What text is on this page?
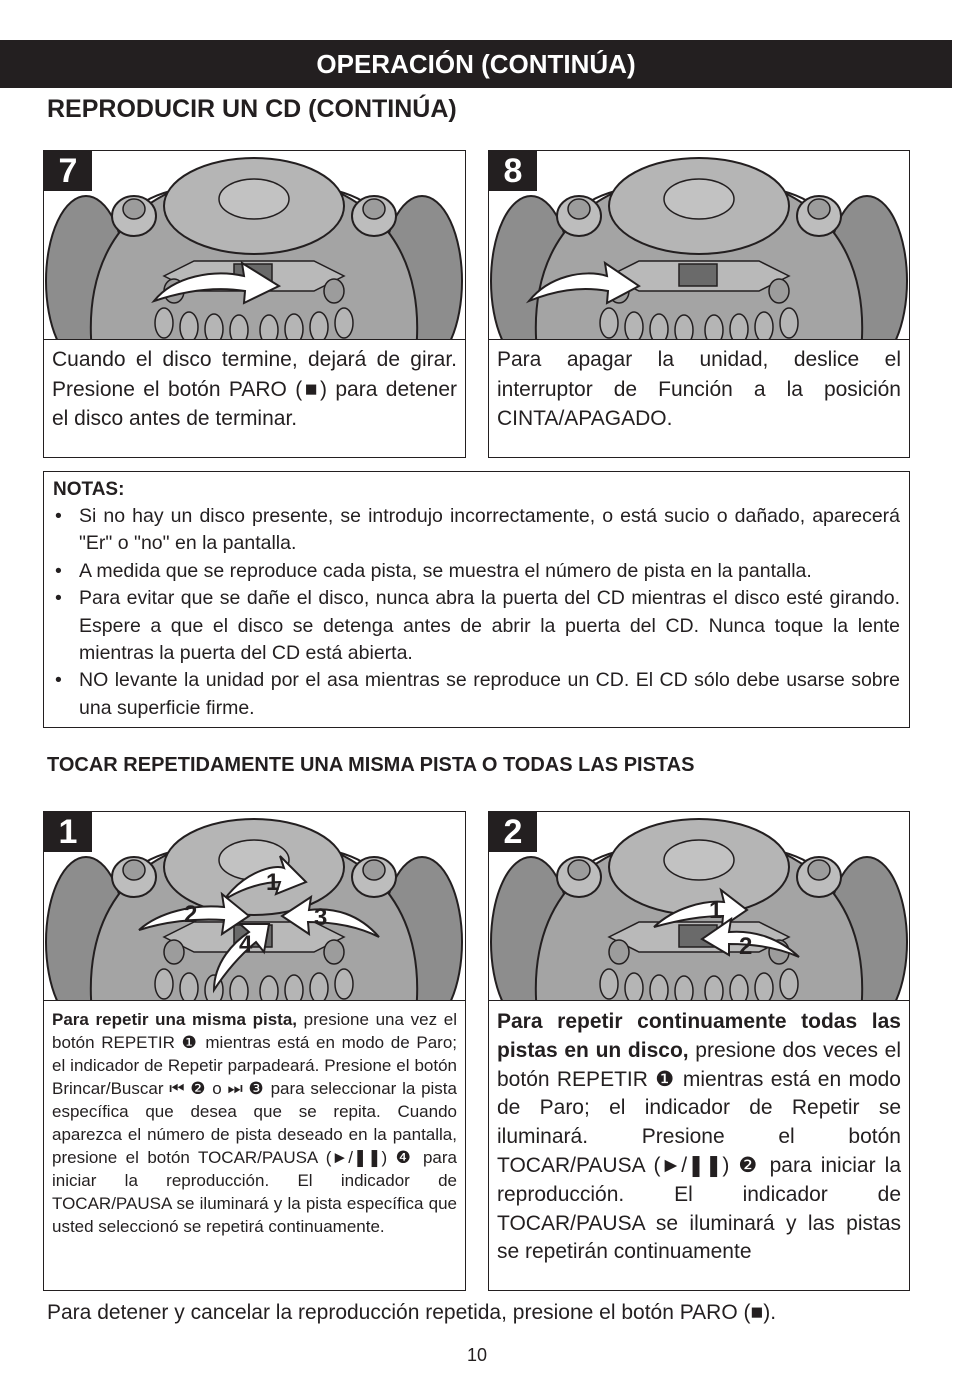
OPERACIÓN (CONTINÚA)
REPRODUCIR UN CD (CONTINÚA)
7
Cuando el disco termine, dejará de girar. Presione el botón PARO (■) para detener el disco antes de terminar.
8
Para apagar la unidad, deslice el interruptor de Función a la posición CINTA/APAGADO.
NOTAS:
• Si no hay un disco presente, se introdujo incorrectamente, o está sucio o dañado, aparecerá "Er" o "no" en la pantalla.
• A medida que se reproduce cada pista, se muestra el número de pista en la pantalla.
• Para evitar que se dañe el disco, nunca abra la puerta del CD mientras el disco esté girando. Espere a que el disco se detenga antes de abrir la puerta del CD. Nunca toque la lente mientras la puerta del CD está abierta.
• NO levante la unidad por el asa mientras se reproduce un CD. El CD sólo debe usarse sobre una superficie firme.
TOCAR REPETIDAMENTE UNA MISMA PISTA O TODAS LAS PISTAS
1
1
2	3
4
Para repetir una misma pista, presione una vez el botón REPETIR ❶ mientras está en modo de Paro; el indicador de Repetir parpadeará. Presione el botón Brincar/Buscar ⏮ ❷ o ⏭ ❸ para seleccionar la pista específica que desea que se repita. Cuando aparezca el número de pista deseado en la pantalla, presione el botón TOCAR/PAUSA (►/❚❚) ❹ para iniciar la reproducción. El indicador de TOCAR/PAUSA se iluminará y la pista específica que usted seleccionó se repetirá continuamente.
2
1
2
Para repetir continuamente todas las pistas en un disco, presione dos veces el botón REPETIR ❶ mientras está en modo de Paro; el indicador de Repetir se iluminará. Presione el botón TOCAR/PAUSA (►/❚❚) ❷ para iniciar la reproducción. El indicador de TOCAR/PAUSA se iluminará y las pistas se repetirán continuamente
Para detener y cancelar la reproducción repetida, presione el botón PARO (■).
10
